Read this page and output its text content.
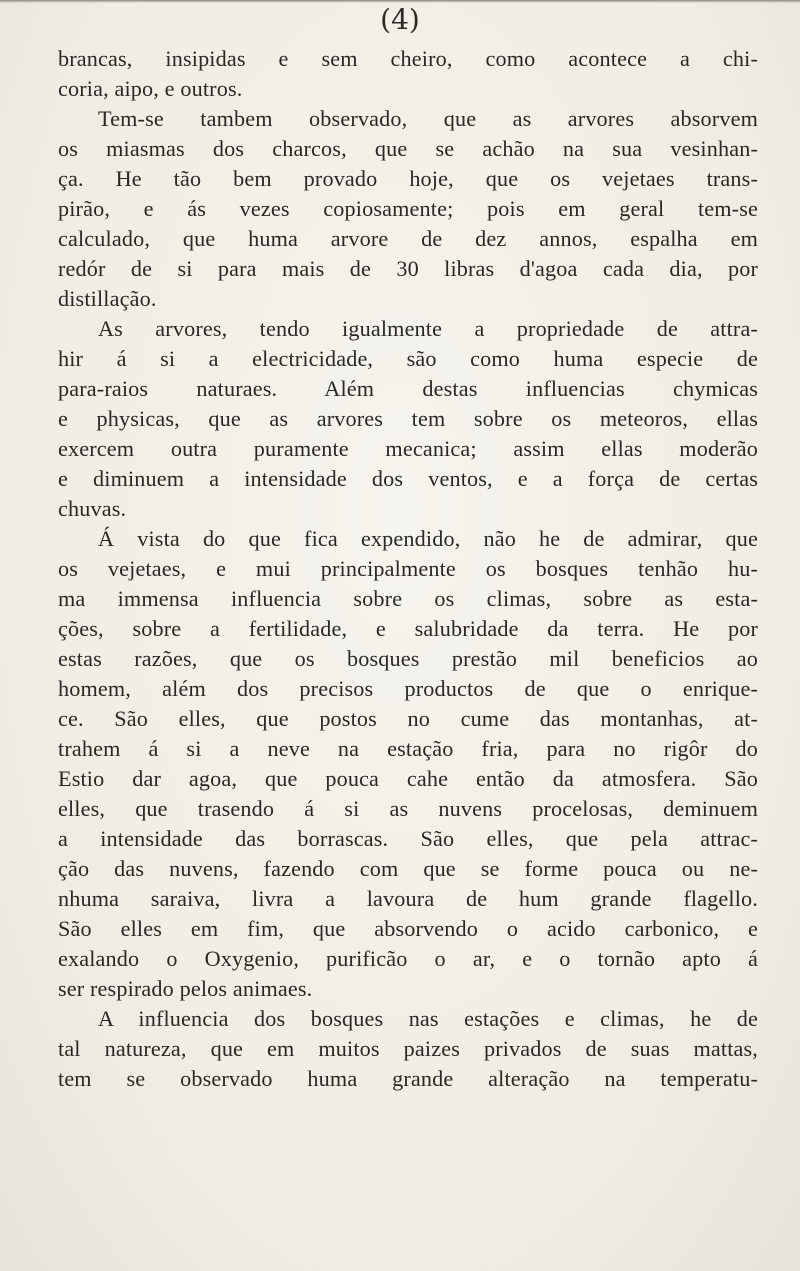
(4)
brancas, insipidas e sem cheiro, como acontece a chi-
coria, aipo, e outros.
Tem-se tambem observado, que as arvores absorvem
os miasmas dos charcos, que se achão na sua vesinhan-
ça. He tão bem provado hoje, que os vejetaes trans-
pirão, e ás vezes copiosamente; pois em geral tem-se
calculado, que huma arvore de dez annos, espalha em
redór de si para mais de 30 libras d'agoa cada dia, por
distillação.
As arvores, tendo igualmente a propriedade de attra-
hir á si a electricidade, são como huma especie de
para-raios naturaes. Além destas influencias chymicas
e physicas, que as arvores tem sobre os meteoros, ellas
exercem outra puramente mecanica; assim ellas moderão
e diminuem a intensidade dos ventos, e a força de certas
chuvas.
Á vista do que fica expendido, não he de admirar, que
os vejetaes, e mui principalmente os bosques tenhão hu-
ma immensa influencia sobre os climas, sobre as esta-
ções, sobre a fertilidade, e salubridade da terra. He por
estas razões, que os bosques prestão mil beneficios ao
homem, além dos precisos productos de que o enrique-
ce. São elles, que postos no cume das montanhas, at-
trahem á si a neve na estação fria, para no rigôr do
Estio dar agoa, que pouca cahe então da atmosfera. São
elles, que trasendo á si as nuvens procelosas, deminuem
a intensidade das borrascas. São elles, que pela attrac-
ção das nuvens, fazendo com que se forme pouca ou ne-
nhuma saraiva, livra a lavoura de hum grande flagello.
São elles em fim, que absorvendo o acido carbonico, e
exalando o Oxygenio, purificão o ar, e o tornão apto á
ser respirado pelos animaes.
A influencia dos bosques nas estações e climas, he de
tal natureza, que em muitos paizes privados de suas mattas,
tem se observado huma grande alteração na temperatu-
